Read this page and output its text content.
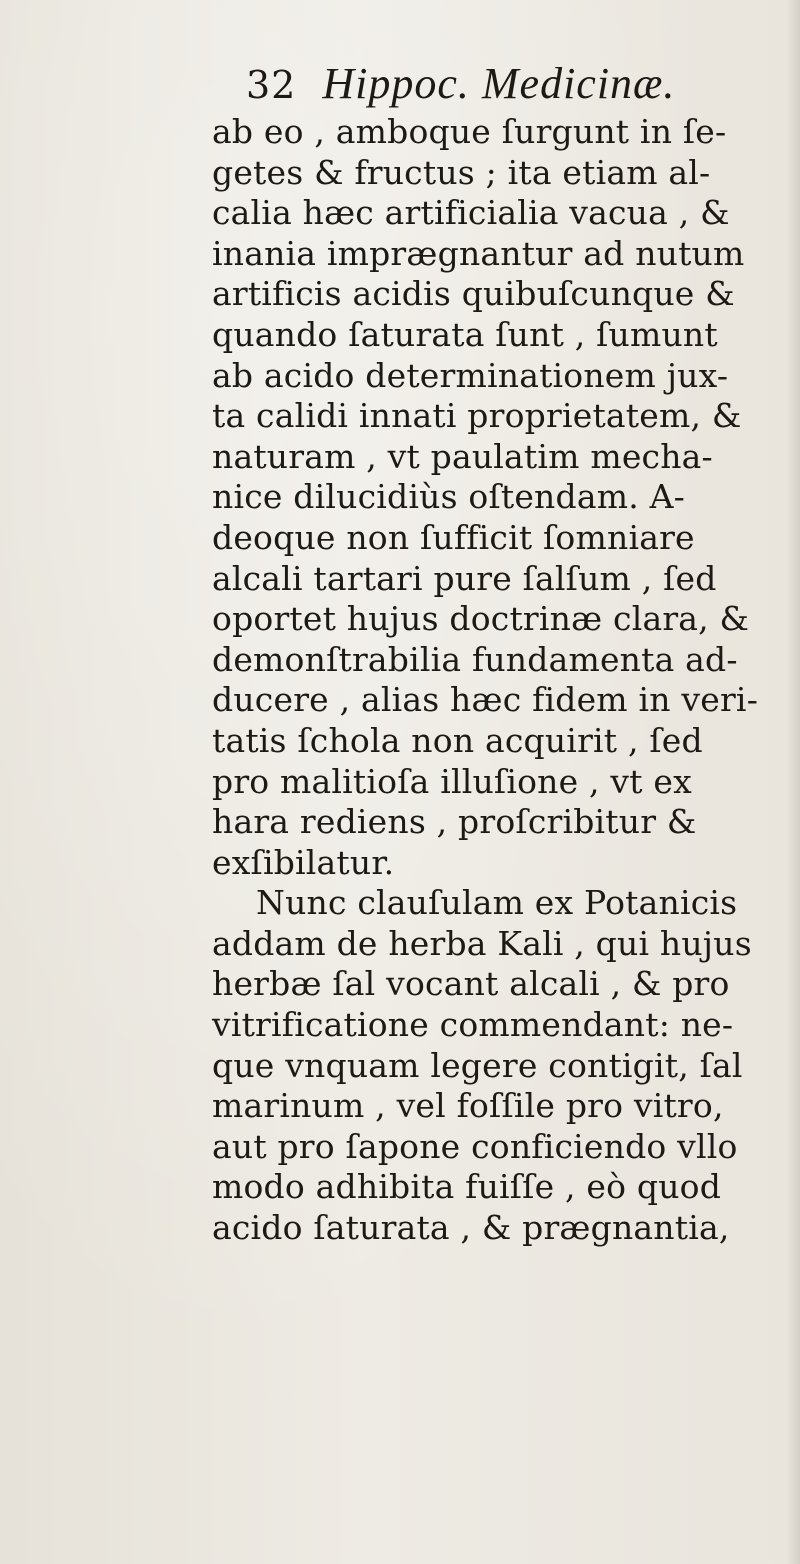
32 Hippoc. Medicinæ.
ab eo , amboque ſurgunt in ſe-
getes & fructus ; ita etiam al-
calia hæc artificialia vacua , &
inania imprægnantur ad nutum
artificis acidis quibuſcunque &
quando ſaturata ſunt , ſumunt
ab acido determinationem jux-
ta calidi innati proprietatem, &
naturam , vt paulatim mecha-
nice dilucidiùs oſtendam. A-
deoque non ſufficit ſomniare
alcali tartari pure ſalſum , ſed
oportet hujus doctrinæ clara, &
demonſtrabilia fundamenta ad-
ducere , alias hæc fidem in veri-
tatis ſchola non acquirit , ſed
pro malitioſa illuſione , vt ex
hara rediens , proſcribitur &
exſibilatur.
Nunc clauſulam ex Potanicis
addam de herba Kali , qui hujus
herbæ ſal vocant alcali , & pro
vitrificatione commendant: ne-
que vnquam legere contigit, ſal
marinum , vel foſſile pro vitro,
aut pro ſapone conficiendo vllo
modo adhibita fuiſſe , eò quod
acido ſaturata , & prægnantia,
